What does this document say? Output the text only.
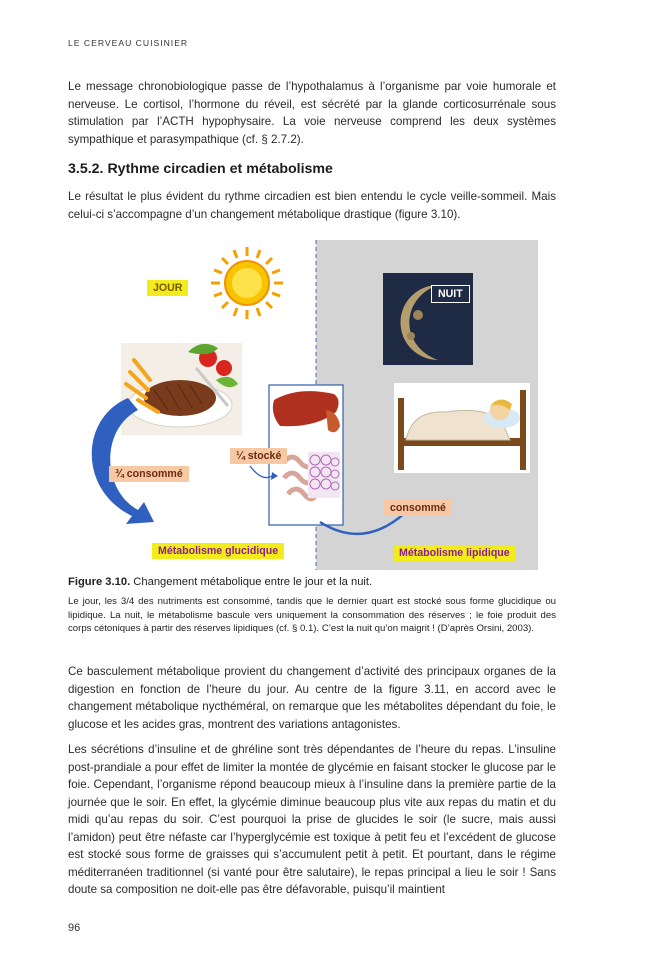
LE CERVEAU CUISINIER

Le message chronobiologique passe de l’hypothalamus à l’organisme par voie humorale et nerveuse. Le cortisol, l’hormone du réveil, est sécrété par la glande corticosurrénale sous stimulation par l’ACTH hypophysaire. La voie nerveuse comprend les deux systèmes sympathique et parasympathique (cf. § 2.7.2).

3.5.2. Rythme circadien et métabolisme

Le résultat le plus évident du rythme circadien est bien entendu le cycle veille-sommeil. Mais celui-ci s’accompagne d’un changement métabolique drastique (figure 3.10).

JOUR	NUIT
¾ consommé
¼ stocké
consommé
Métabolisme glucidique	Métabolisme lipidique

Figure 3.10. Changement métabolique entre le jour et la nuit.

Le jour, les 3/4 des nutriments est consommé, tandis que le dernier quart est stocké sous forme glucidique ou lipidique. La nuit, le métabolisme bascule vers uniquement la consommation des réserves ; le foie produit des corps cétoniques à partir des réserves lipidiques (cf. § 0.1). C’est la nuit qu’on maigrit ! (D’après Orsini, 2003).

Ce basculement métabolique provient du changement d’activité des principaux organes de la digestion en fonction de l’heure du jour. Au centre de la figure 3.11, en accord avec le changement métabolique nycthéméral, on remarque que les métabolites dépendant du foie, le glucose et les acides gras, montrent des variations antagonistes.

Les sécrétions d’insuline et de ghréline sont très dépendantes de l’heure du repas. L’insuline post-prandiale a pour effet de limiter la montée de glycémie en faisant stocker le glucose par le foie. Cependant, l’organisme répond beaucoup mieux à l’insuline dans la première partie de la journée que le soir. En effet, la glycémie diminue beaucoup plus vite aux repas du matin et du midi qu’au repas du soir. C’est pourquoi la prise de glucides le soir (le sucre, mais aussi l’amidon) peut être néfaste car l’hyperglycémie est toxique à petit feu et l’excédent de glucose est stocké sous forme de graisses qui s’accumulent petit à petit. Et pourtant, dans le régime méditerranéen traditionnel (si vanté pour être salutaire), le repas principal a lieu le soir ! Sans doute sa composition ne doit-elle pas être défavorable, puisqu’il maintient

96
